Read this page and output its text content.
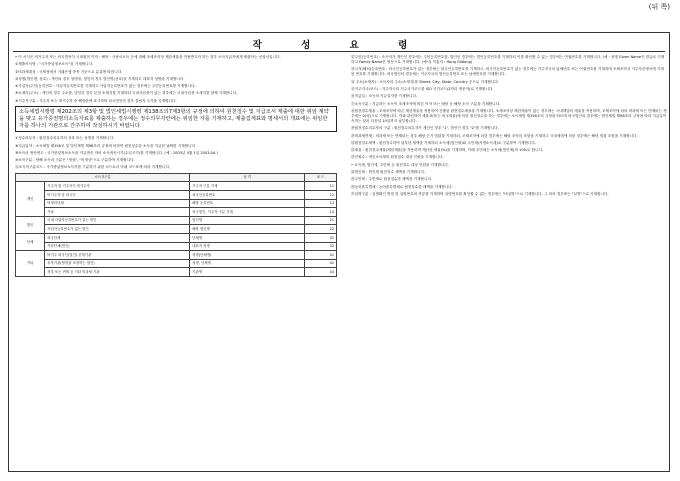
(뒤 쪽)
작 성 요 령

• 이 서식은 비거주자 또는 외국법인이 국내원천 이자ㆍ배당ㆍ사용료소득 등에 대해 조세조약상 제한세율을 적용받고자 하는 경우 소득지급자에게 제출하는 신청서입니다.

①제출서식명 : "국가중앙정보소득"을 기재합니다.

②비과세대상 : 국세청에서 거래은행 종목 기준으로 분류에 따릅니다.

③성명(법인명, 상호) : 개인의 경우 성명을, 법인의 경우 법인명(상호)을 기재하고 대표자 성명을 기재합니다.

④사업자(주민)등록번호 : 사업자등록번호를 기재하고 사업자등록번호가 없는 경우에는 주민등록번호를 기재합니다.

⑤소재지(주소) : 개인의 경우 주소를, 법인의 경우 본점 소재지를 기재하되 국내사업장이 있는 경우에는 국내사업장 소재지를 함께 기재합니다.

⑥거주자구분 : 거주자 또는 비거주자 중 해당란에 표시하며 외국법인의 경우 설립지 국가를 기재합니다.

소득세법시행령 제202조의 제3항 및 법인세법시행령 제138조의7제3항의 규정에 의하여 원천징수 및 지급조서 제출에 대한 위임 계약을 맺고 유가증권명의소득자료를 제출하는 경우에는 정수의무자란에는 위임한 자를 기재하고, 제출집계표와 명세서의 개표에는 위임한 자를 하나의 기관으로 간주하여 작성하시기 바랍니다.

⑦징수의무자 : 원천징수의무자의 상호 또는 성명을 기재합니다.

⑧지급일자 : 소득세법 제156조 및 법인세법 제98조의 규정에 의하여 원천징수한 소득을 지급한 날짜를 기재합니다.

⑨소득의 귀속연도 : 국가중앙정보소득을 지급받은 자의 소득귀속시기(수입시기)를 기재합니다. (예 : 2003년 4월 1일 2003.04.)

⑩소득구분 : 당해 소득의 구분은 "정상", "비정상"으로 구분하여 기재합니다.

⑪소득자구분코드 : 국가중앙정보소득자를 구분하기 위한 코드로서 아래 코드표에 따라 기재합니다.

소득자구분		성 격	코 드
개인	거주자 및 거주자인 비거주자	거주자 구분 기재	11
	비거주자 및 외국인	외국인등록번호	12
	비영리단체	해당 등록번호	13
	기타	외국법인, 기주자 구분 기재	14
법인	국내 사업자등록번호가 있는 법인	법인명	21
	사업자등록번호가 없는 법인	해당 법인명	22
단체	외국단체	단체명	31
	기타단체(법인)	대표자 성명	32
기타	비거주 외국인(법인) 중개기관	성명(단체명)	41
	투자기관(명칭을 포함하는 법인)	성명, 단체명	42
	정부 또는 면세 등 기타 비과세 기관	기관명	43

⑫주민(등록번호) : 소득자가 개인인 경우에는 주민등록번호를, 법인인 경우에는 법인등록번호를 기재하되 이를 확인할 수 없는 경우에는 여권번호를 기재합니다. (예 : 성명 Given Name은 한글로 기재하고 Family Name은 영문으로 기재합니다. (예시) 이홍자 : Hong Gildong)

⑬국적(해외)등록번호 : 외국인등록번호가 있는 경우에는 외국인등록번호를 기재하고, 외국인등록번호가 없는 경우에는 거주지국의 납세번호 또는 여권번호를 기재하며 조세조약상 거주자증명서에 기재된 번호를 기재합니다. 외국법인의 경우에는 거주지국의 법인등록번호 또는 납세번호를 기재합니다.

⑭ 주소(소재지) : 소득자의 주소(소재지)를 Street, City, State, Country 순으로 기재합니다.

⑮거주지국(코드) : 거주자국의 거주국가코드를 ISO 국가코드(2자리 영문자)로 기재합니다.

⑯지급일 : 소득의 지급일자를 기재합니다.

⑰소득구분 : 지급하는 소득이 조세조약에 따른 이자 또는 배당 등 해당 소득 구분을 기재합니다.

⑱원천징수세율 : 조세조약에 따른 제한세율을 적용하여 산출된 원천징수세율을 기재합니다. 조세조약상 제한세율이 없는 경우에는 국내세법의 세율을 적용하며, 조세조약에 따라 비과세 또는 면제되는 경우에는 0(영)으로 기재합니다. 이와 관련하여 세율표(또는 외국세율)에 의한 원천징수를 하는 경우에는 소득세법 제156조의 규정을 따르며 외국법인의 경우에는 법인세법 제98조의 규정에 따라 지급일이 속하는 달의 다음달 10일까지 납부합니다.

⑲원천징수의무자의 구분 : 원천징수의무자가 개인인 경우 "1", 법인인 경우 "2"를 기재합니다.

⑳비과세면제 : 비과세 또는 면제되는 경우 해당 근거 법령을 기재하되, 조세조약에 의한 경우에는 해당 조약의 조항을 기재하고 국내세법에 의한 경우에는 해당 법률 조항을 기재합니다.

㉑원천징수세액 : 원천징수하여 납부한 세액을 기재하되 소득세(법인세)와 주민세(지방소득세)로 구분하여 기재합니다.

㉒세율 : 원천징수세율(제한세율)을 적용하여 계산된 세율(%)을 기재하며, 이때 주민세는 소득세(법인세)의 10%로 합니다.

㉓인원수 : 개인소득세의 원천징수 대상 인원을 기재합니다.

• 소득세, 법인세, 주민세 등 원천징수 대상 인원을 기재합니다.

㉔법인세 : 법인세 원천징수 세액을 기재합니다.

㉕주민세 : 주민세로 원천징수한 세액을 기재합니다.

㉖농어촌특별세 : 농어촌특별세로 원천징수한 세액을 기재합니다.

㉗실명구분 : 실명확인 방법 및 실명번호의 종류를 기재하며 실명번호를 확인할 수 없는 경우에는 "비실명"으로 기재합니다. 그 외의 경우에는 "실명"으로 기재합니다.
